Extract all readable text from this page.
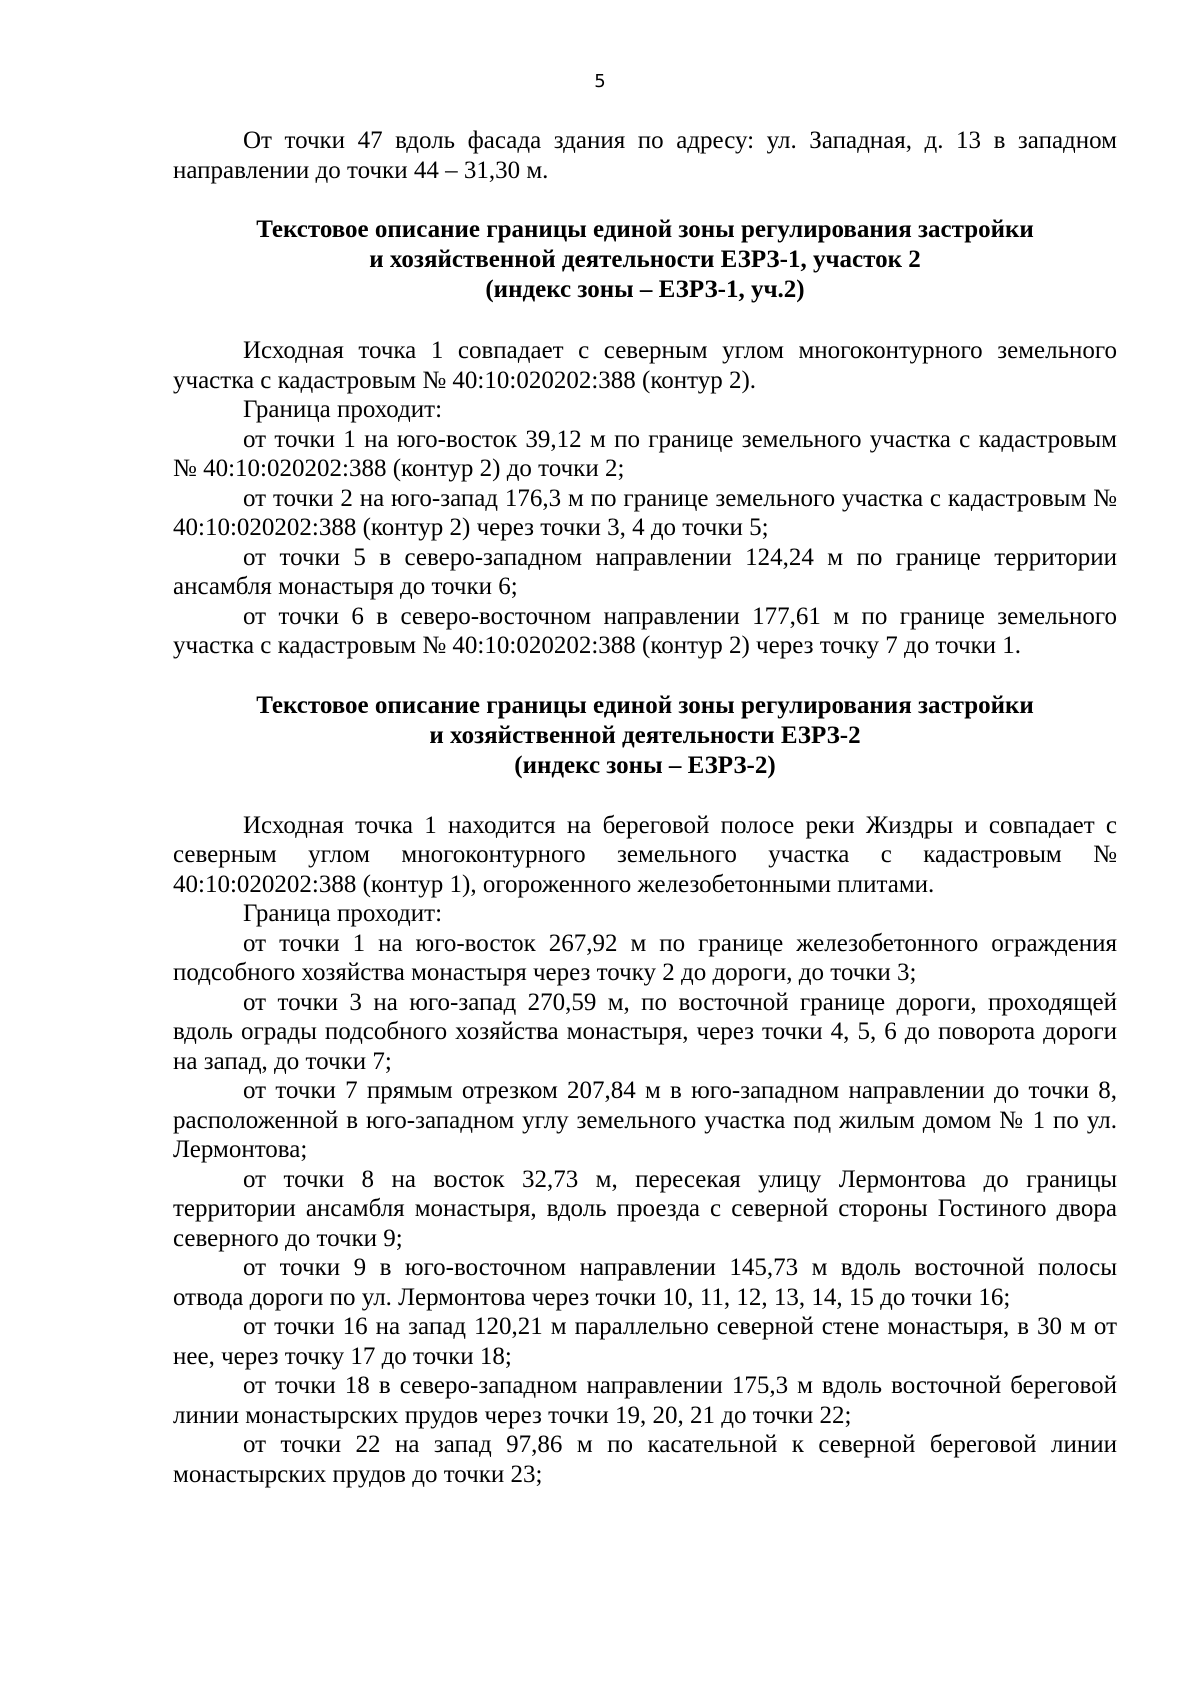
5

От точки 47 вдоль фасада здания по адресу: ул. Западная, д. 13 в западном направлении до точки 44 – 31,30 м.

Текстовое описание границы единой зоны регулирования застройки
и хозяйственной деятельности ЕЗРЗ-1, участок 2
(индекс зоны – ЕЗРЗ-1, уч.2)

Исходная точка 1 совпадает с северным углом многоконтурного земельного участка с кадастровым № 40:10:020202:388 (контур 2).

Граница проходит:

от точки 1 на юго-восток 39,12 м по границе земельного участка с кадастровым № 40:10:020202:388 (контур 2) до точки 2;

от точки 2 на юго-запад 176,3 м по границе земельного участка с кадастровым № 40:10:020202:388 (контур 2) через точки 3, 4 до точки 5;

от точки 5 в северо-западном направлении 124,24 м по границе территории ансамбля монастыря до точки 6;

от точки 6 в северо-восточном направлении 177,61 м по границе земельного участка с кадастровым № 40:10:020202:388 (контур 2) через точку 7 до точки 1.

Текстовое описание границы единой зоны регулирования застройки
и хозяйственной деятельности ЕЗРЗ-2
(индекс зоны – ЕЗРЗ-2)

Исходная точка 1 находится на береговой полосе реки Жиздры и совпадает с северным углом многоконтурного земельного участка с кадастровым № 40:10:020202:388 (контур 1), огороженного железобетонными плитами.

Граница проходит:

от точки 1 на юго-восток 267,92 м по границе железобетонного ограждения подсобного хозяйства монастыря через точку 2 до дороги, до точки 3;

от точки 3 на юго-запад 270,59 м, по восточной границе дороги, проходящей вдоль ограды подсобного хозяйства монастыря, через точки 4, 5, 6 до поворота дороги на запад, до точки 7;

от точки 7 прямым отрезком 207,84 м в юго-западном направлении до точки 8, расположенной в юго-западном углу земельного участка под жилым домом № 1 по ул. Лермонтова;

от точки 8 на восток 32,73 м, пересекая улицу Лермонтова до границы территории ансамбля монастыря, вдоль проезда с северной стороны Гостиного двора северного до точки 9;

от точки 9 в юго-восточном направлении 145,73 м вдоль восточной полосы отвода дороги по ул. Лермонтова через точки 10, 11, 12, 13, 14, 15 до точки 16;

от точки 16 на запад 120,21 м параллельно северной стене монастыря, в 30 м от нее, через точку 17 до точки 18;

от точки 18 в северо-западном направлении 175,3 м вдоль восточной береговой линии монастырских прудов через точки 19, 20, 21 до точки 22;

от точки 22 на запад 97,86 м по касательной к северной береговой линии монастырских прудов до точки 23;
